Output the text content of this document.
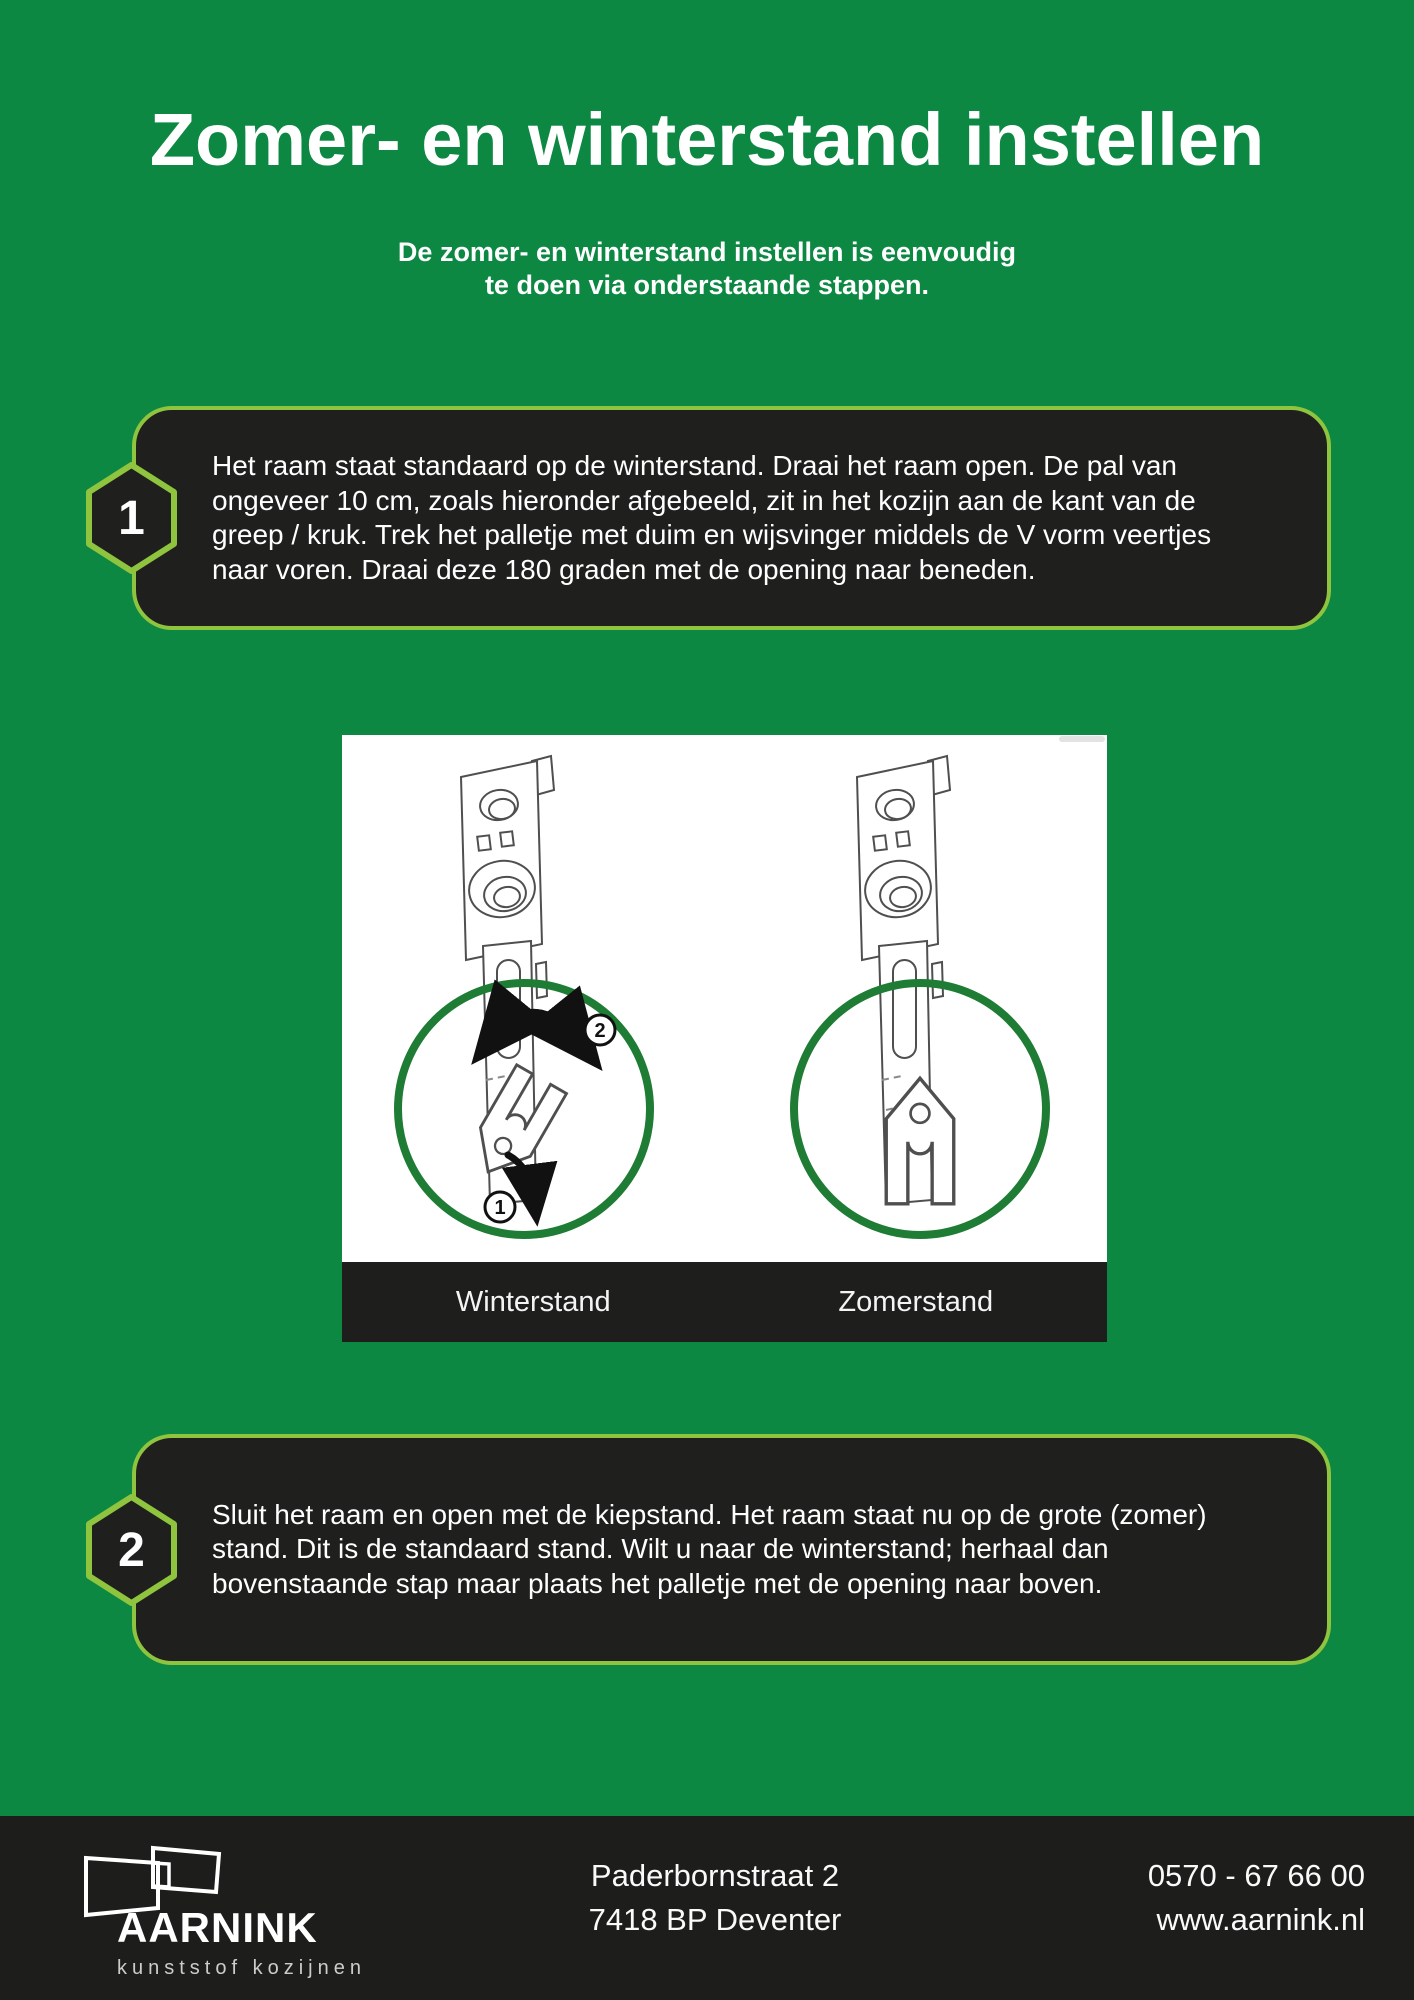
Zomer- en winterstand instellen
De zomer- en winterstand instellen is eenvoudig
te doen via onderstaande stappen.
Het raam staat standaard op de winterstand. Draai het raam open. De pal van
ongeveer 10 cm, zoals hieronder afgebeeld, zit in het kozijn aan de kant van de
greep / kruk. Trek het palletje met duim en wijsvinger middels de V vorm veertjes
naar voren. Draai deze 180 graden met de opening naar beneden.
1
2
1
Winterstand	Zomerstand
Sluit het raam en open met de kiepstand. Het raam staat nu op de grote (zomer)
stand. Dit is de standaard stand. Wilt u naar de winterstand; herhaal dan
bovenstaande stap maar plaats het palletje met de opening naar boven.
2
AARNINK
kunststof kozijnen
Paderbornstraat 2
7418 BP Deventer
0570 - 67 66 00
www.aarnink.nl
